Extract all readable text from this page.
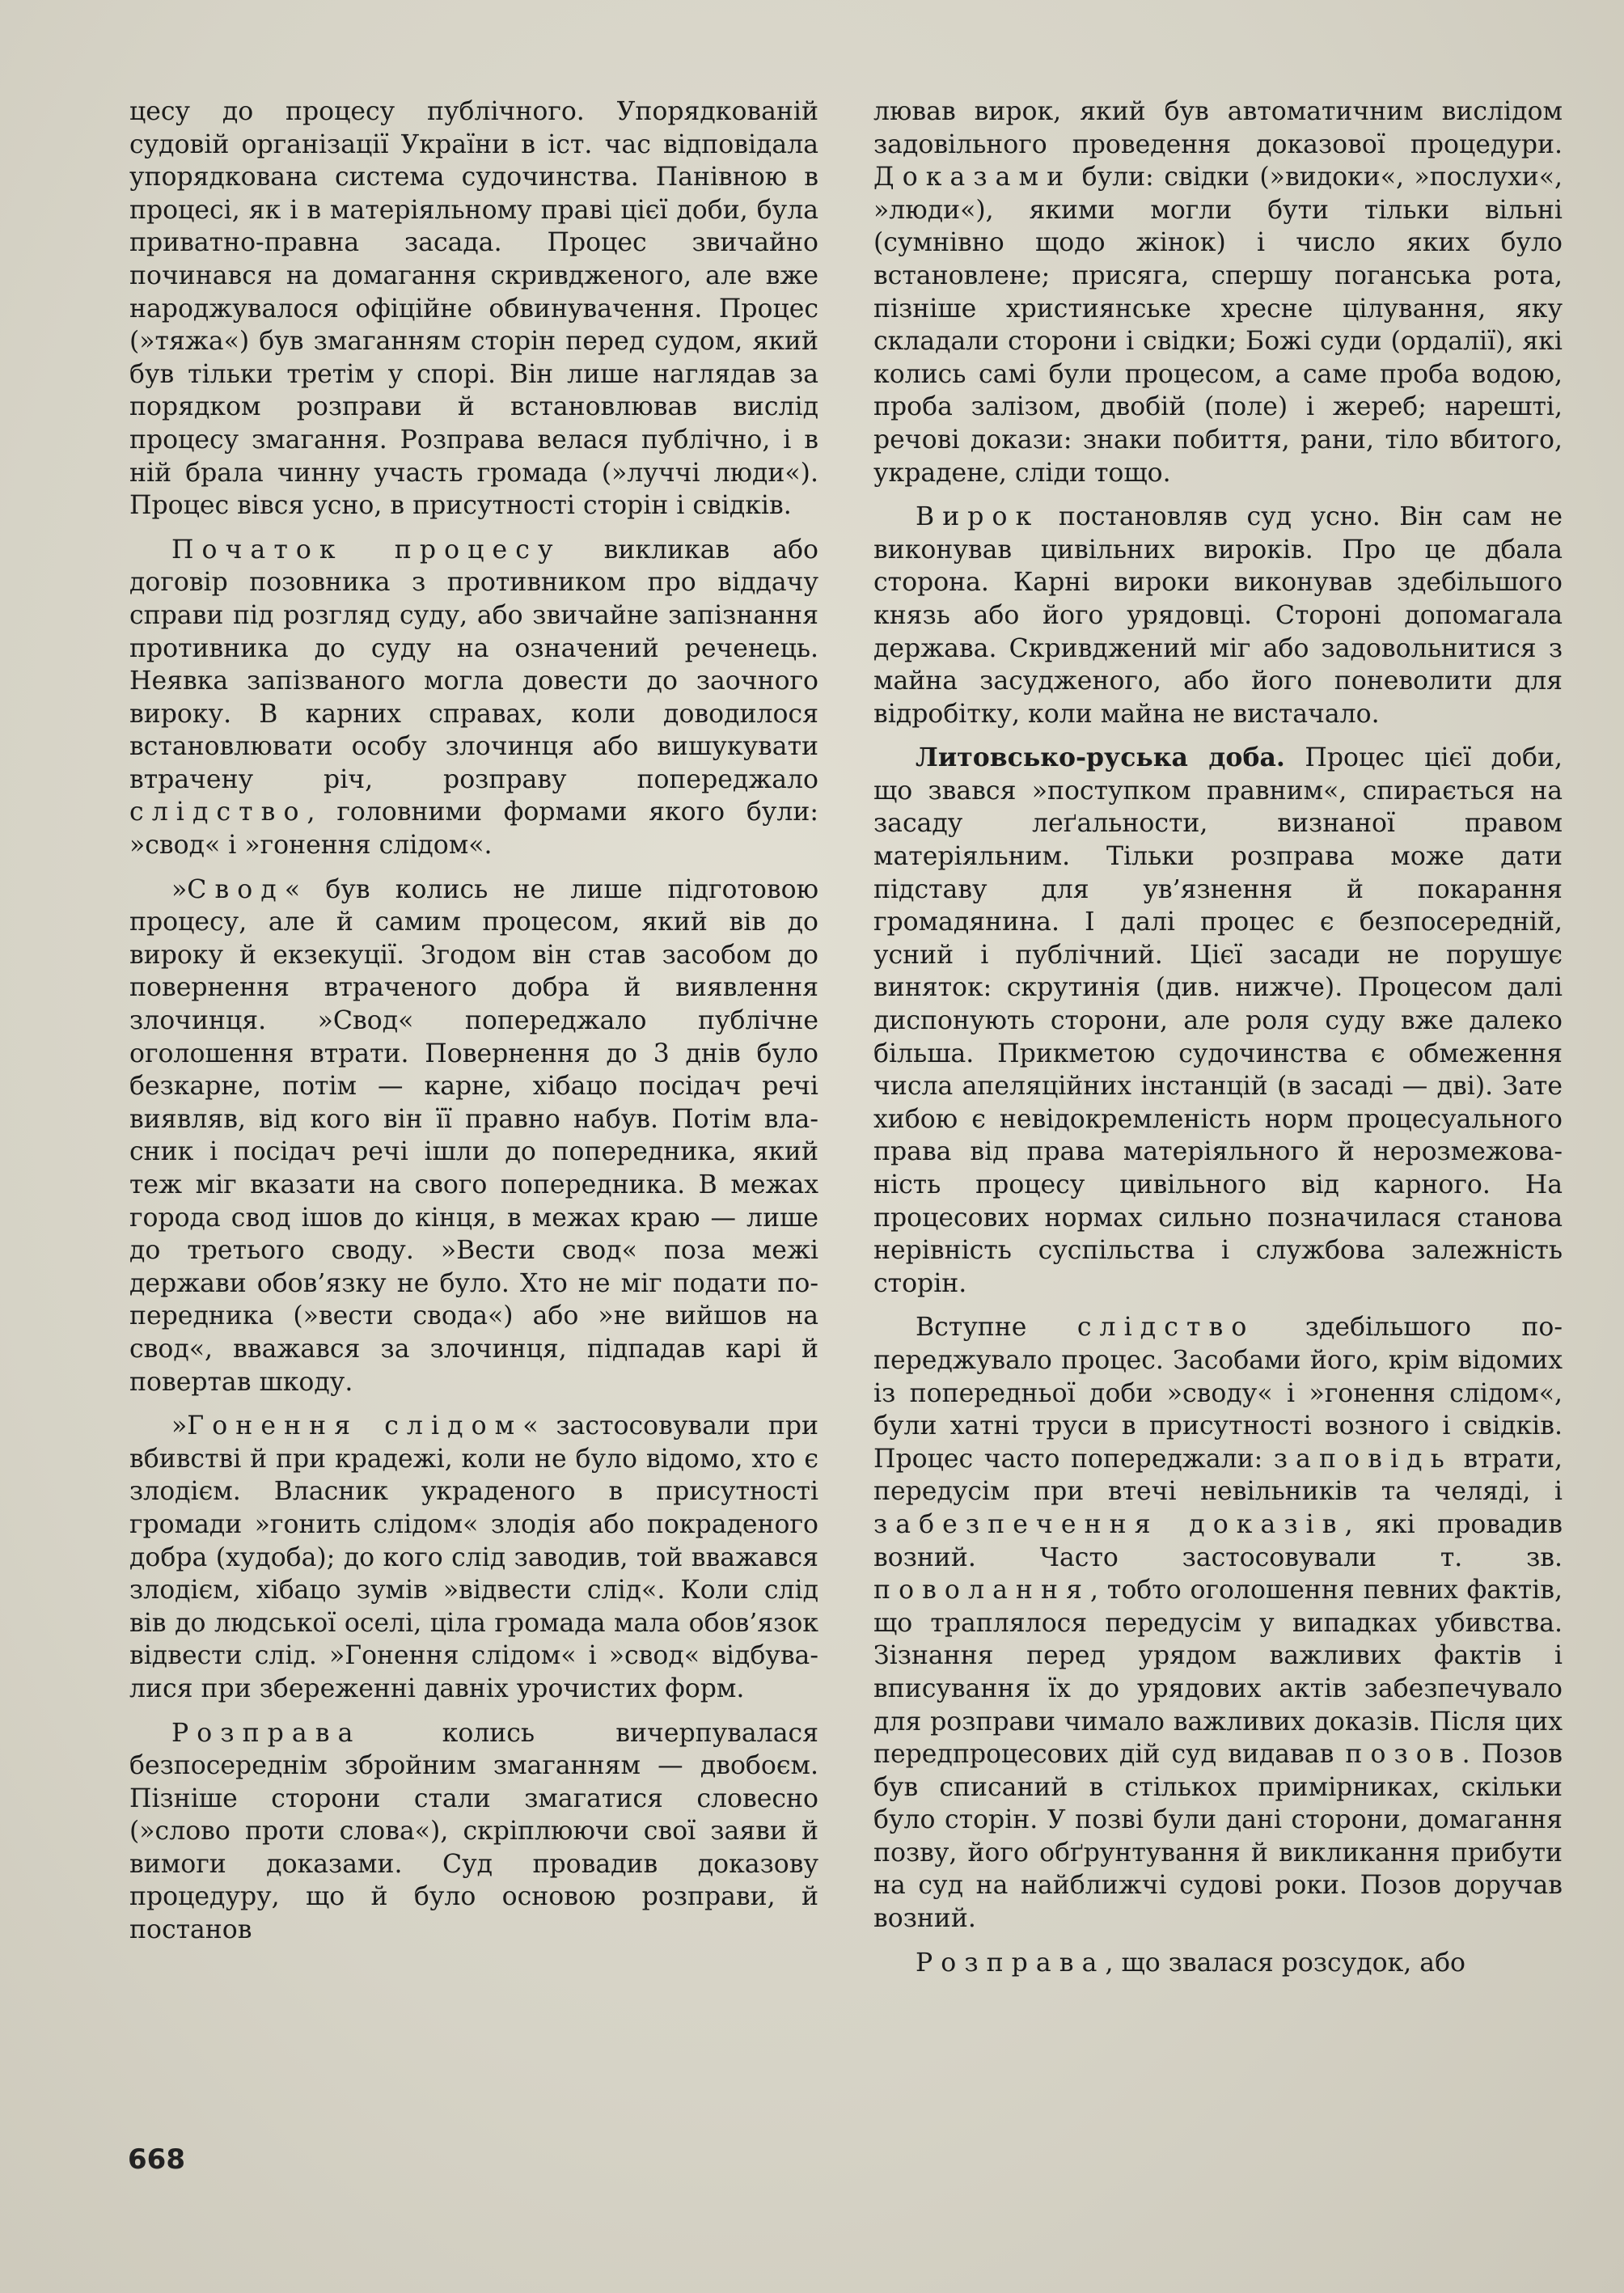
цесу до процесу публічного. Упорядкованій судовій організації України в іст. час відповідала упорядкована система судочинства. Панівною в процесі, як і в матеріяльному праві цієї доби, була приватно-правна засада. Процес звичайно починався на домагання скривдженого, але вже народжувалося офіційне обвинувачення. Процес (»тяжа«) був змаганням сторін перед судом, який був тільки третім у спорі. Він лише наглядав за порядком розправи й встановлював вислід процесу змагання. Розправа велася публічно, і в ній брала чинну участь громада (»луччі люди«). Процес вівся усно, в присутності сторін і свідків.

Початок процесу викликав або договір позовника з противником про віддачу справи під розгляд суду, або звичайне запізнання противника до суду на означений реченець. Неявка запізваного могла довести до заочного вироку. В карних справах, коли доводилося встановлювати особу злочинця або вишукувати втрачену річ, розправу попереджало слідство, головними формами якого були: »свод« і »гонення слідом«.

»Свод« був колись не лише підготовою процесу, але й самим процесом, який вів до вироку й екзекуції. Згодом він став засобом до повернення втраченого добра й виявлення злочинця. »Свод« попереджало публічне оголошення втрати. Повернення до 3 днів було безкарне, потім — карне, хібацо посідач речі виявляв, від кого він її правно набув. Потім власник і посідач речі ішли до попередника, який теж міг вказати на свого попередника. В межах города свод ішов до кінця, в межах краю — лише до третього своду. »Вести свод« поза межі держави обов’язку не було. Хто не міг подати попередника (»вести свода«) або »не вийшов на свод«, вважався за злочинця, підпадав карі й повертав шкоду.

»Гонення слідом« застосовували при вбивстві й при крадежі, коли не було відомо, хто є злодієм. Власник украденого в присутності громади »гонить слідом« злодія або покраденого добра (худоба); до кого слід заводив, той вважався злодієм, хібацо зумів »відвести слід«. Коли слід вів до людської оселі, ціла громада мала обов’язок відвести слід. »Гонення слідом« і »свод« відбувалися при збереженні давніх урочистих форм.

Розправа колись вичерпувалася безпосереднім збройним змаганням — двобоєм. Пізніше сторони стали змагатися словесно (»слово проти слова«), скріплюючи свої заяви й вимоги доказами. Суд провадив доказову процедуру, що й було основою розправи, й постанов

лював вирок, який був автоматичним вислідом задовільного проведення доказової процедури. Доказами були: свідки (»видоки«, »послухи«, »люди«), якими могли бути тільки вільні (сумнівно щодо жінок) і число яких було встановлене; присяга, спершу поганська рота, пізніше християнське хресне цілування, яку складали сторони і свідки; Божі суди (ордалії), які колись самі були процесом, а саме проба водою, проба залізом, двобій (поле) і жереб; нарешті, речові докази: знаки побиття, рани, тіло вбитого, украдене, сліди тощо.

Вирок постановляв суд усно. Він сам не виконував цивільних вироків. Про це дбала сторона. Карні вироки виконував здебільшого князь або його урядовці. Стороні допомагала держава. Скривджений міг або задовольнитися з майна засудженого, або його поневолити для відробітку, коли майна не вистачало.

Литовсько-руська доба. Процес цієї доби, що звався »поступком правним«, спирається на засаду леґальности, визнаної правом матеріяльним. Тільки розправа може дати підставу для ув’язнення й покарання громадянина. І далі процес є безпосередній, усний і публічний. Цієї засади не порушує виняток: скрутинія (див. нижче). Процесом далі диспонують сторони, але роля суду вже далеко більша. Прикметою судочинства є обмеження числа апеляційних інстанцій (в засаді — дві). Зате хибою є невідокремленість норм процесуального права від права матеріяльного й нерозмежованість процесу цивільного від карного. На процесових нормах сильно позначилася станова нерівність суспільства і службова залежність сторін.

Вступне слідство здебільшого попереджувало процес. Засобами його, крім відомих із попередньої доби »своду« і »гонення слідом«, були хатні труси в присутності возного і свідків. Процес часто попереджали: заповідь втрати, передусім при втечі невільників та челяді, і забезпечення доказів, які провадив возний. Часто застосовували т. зв. поволання, тобто оголошення певних фактів, що траплялося передусім у випадках убивства. Зізнання перед урядом важливих фактів і вписування їх до урядових актів забезпечувало для розправи чимало важливих доказів. Після цих передпроцесових дій суд видавав позов. Позов був списаний в стількох примірниках, скільки було сторін. У позві були дані сторони, домагання позву, його обґрунтування й викликання прибути на суд на найближчі судові роки. Позов доручав возний.

Розправа, що звалася розсудок, або

668
